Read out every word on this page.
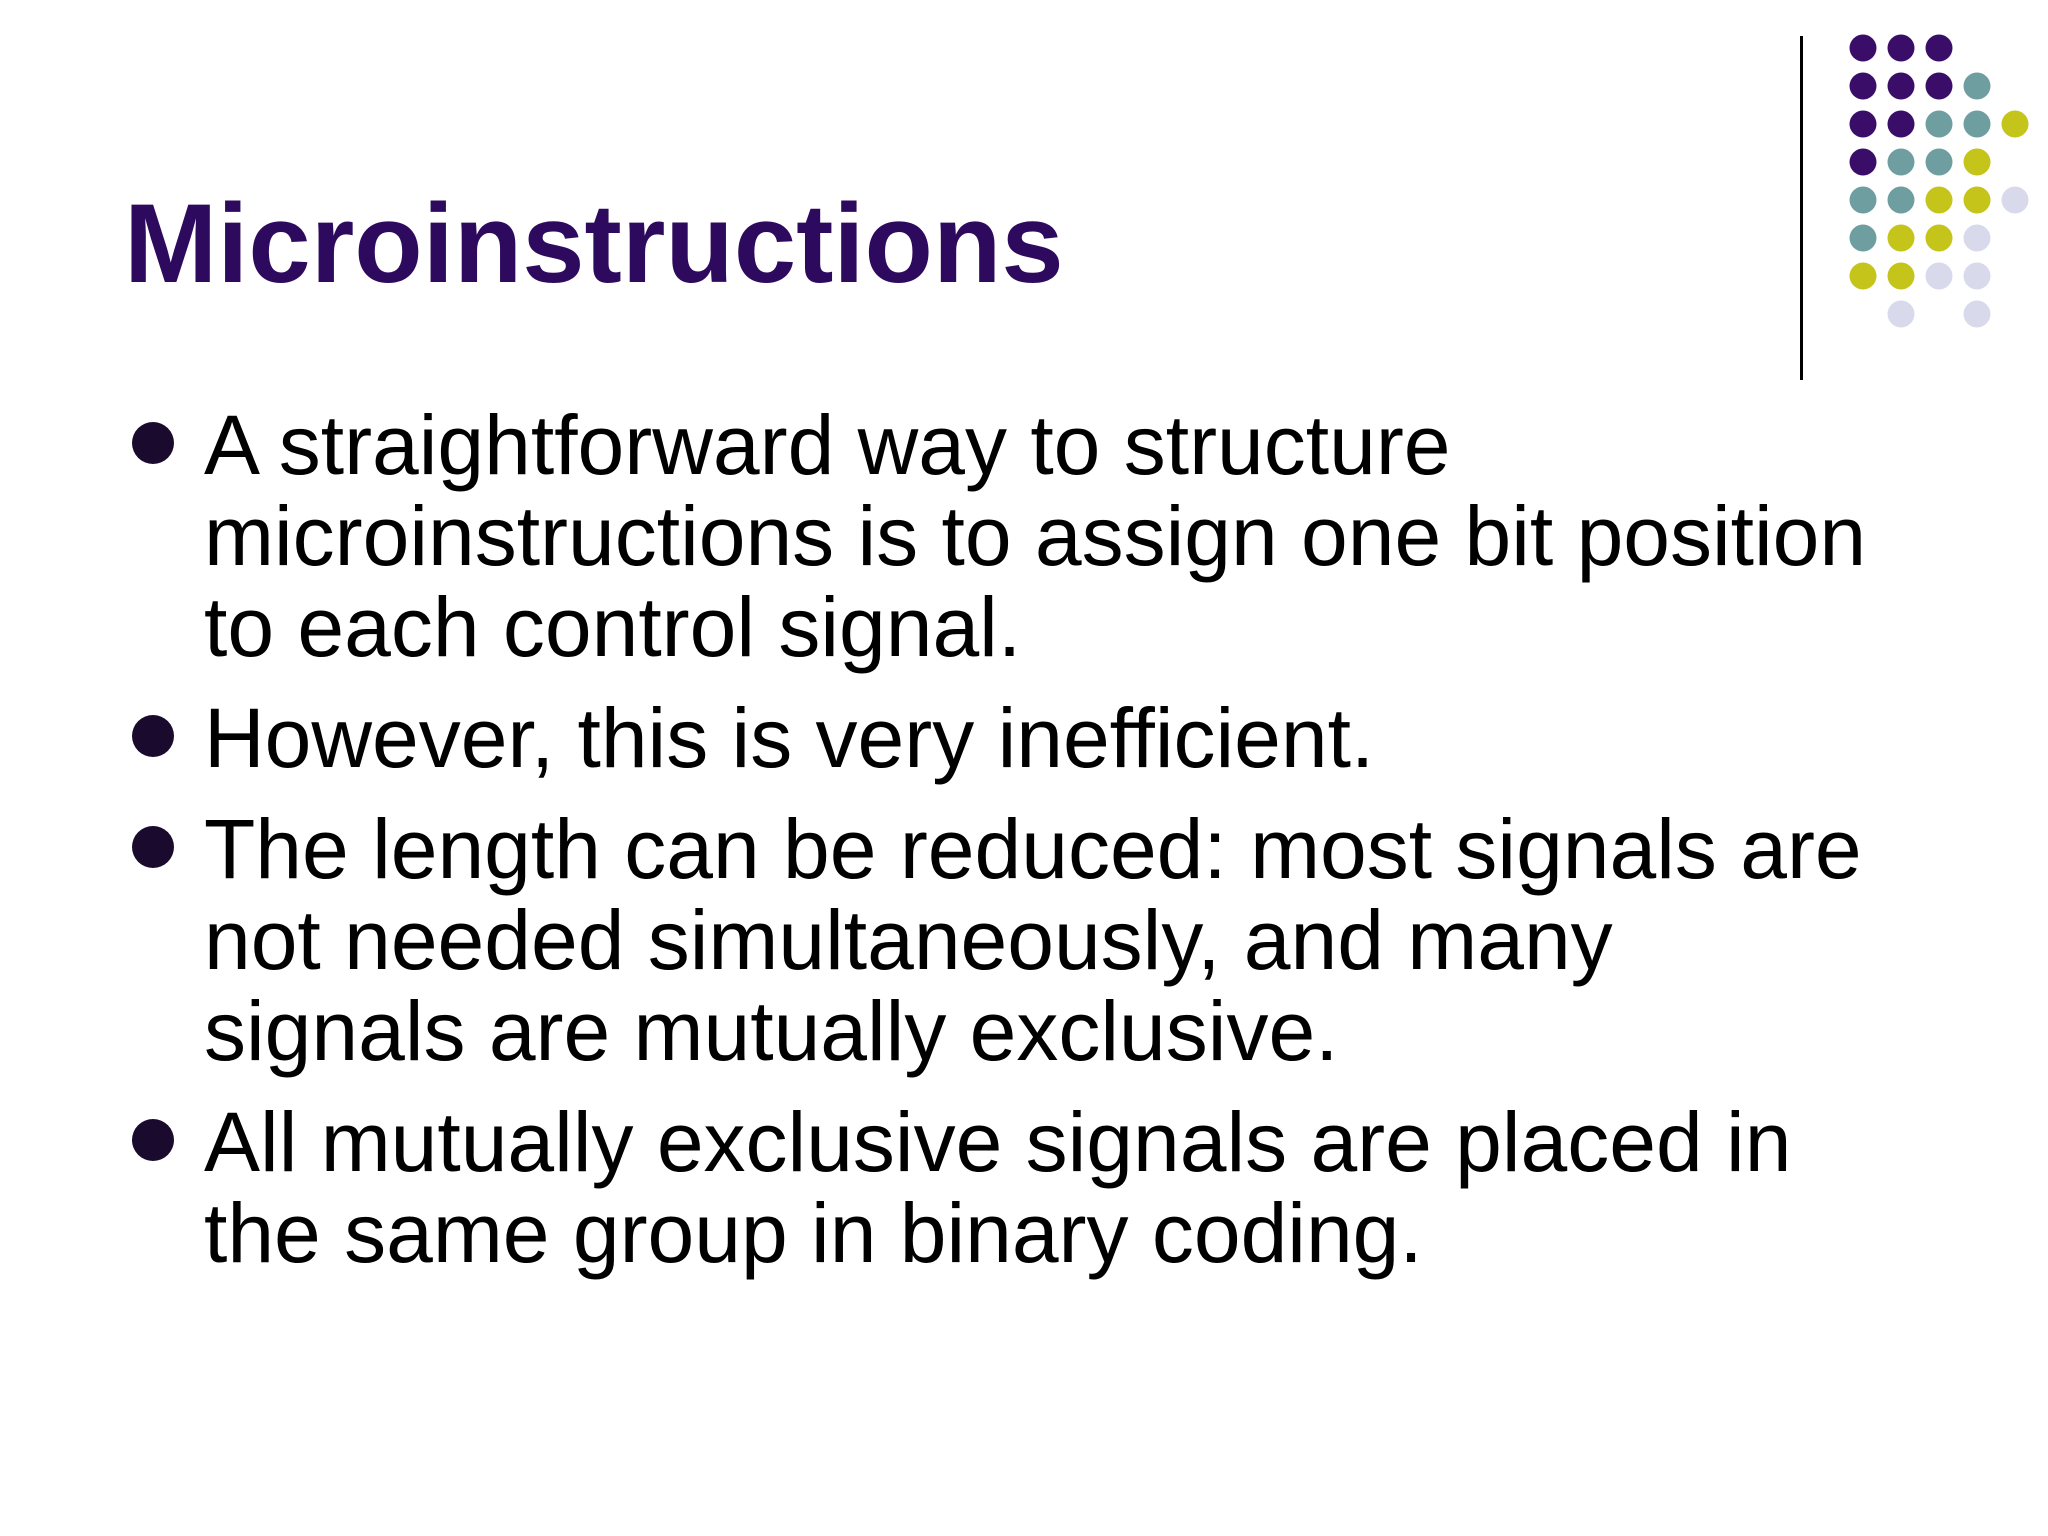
Microinstructions
A straightforward way to structure
microinstructions is to assign one bit position
to each control signal.
However, this is very inefficient.
The length can be reduced: most signals are
not needed simultaneously, and many
signals are mutually exclusive.
All mutually exclusive signals are placed in
the same group in binary coding.
